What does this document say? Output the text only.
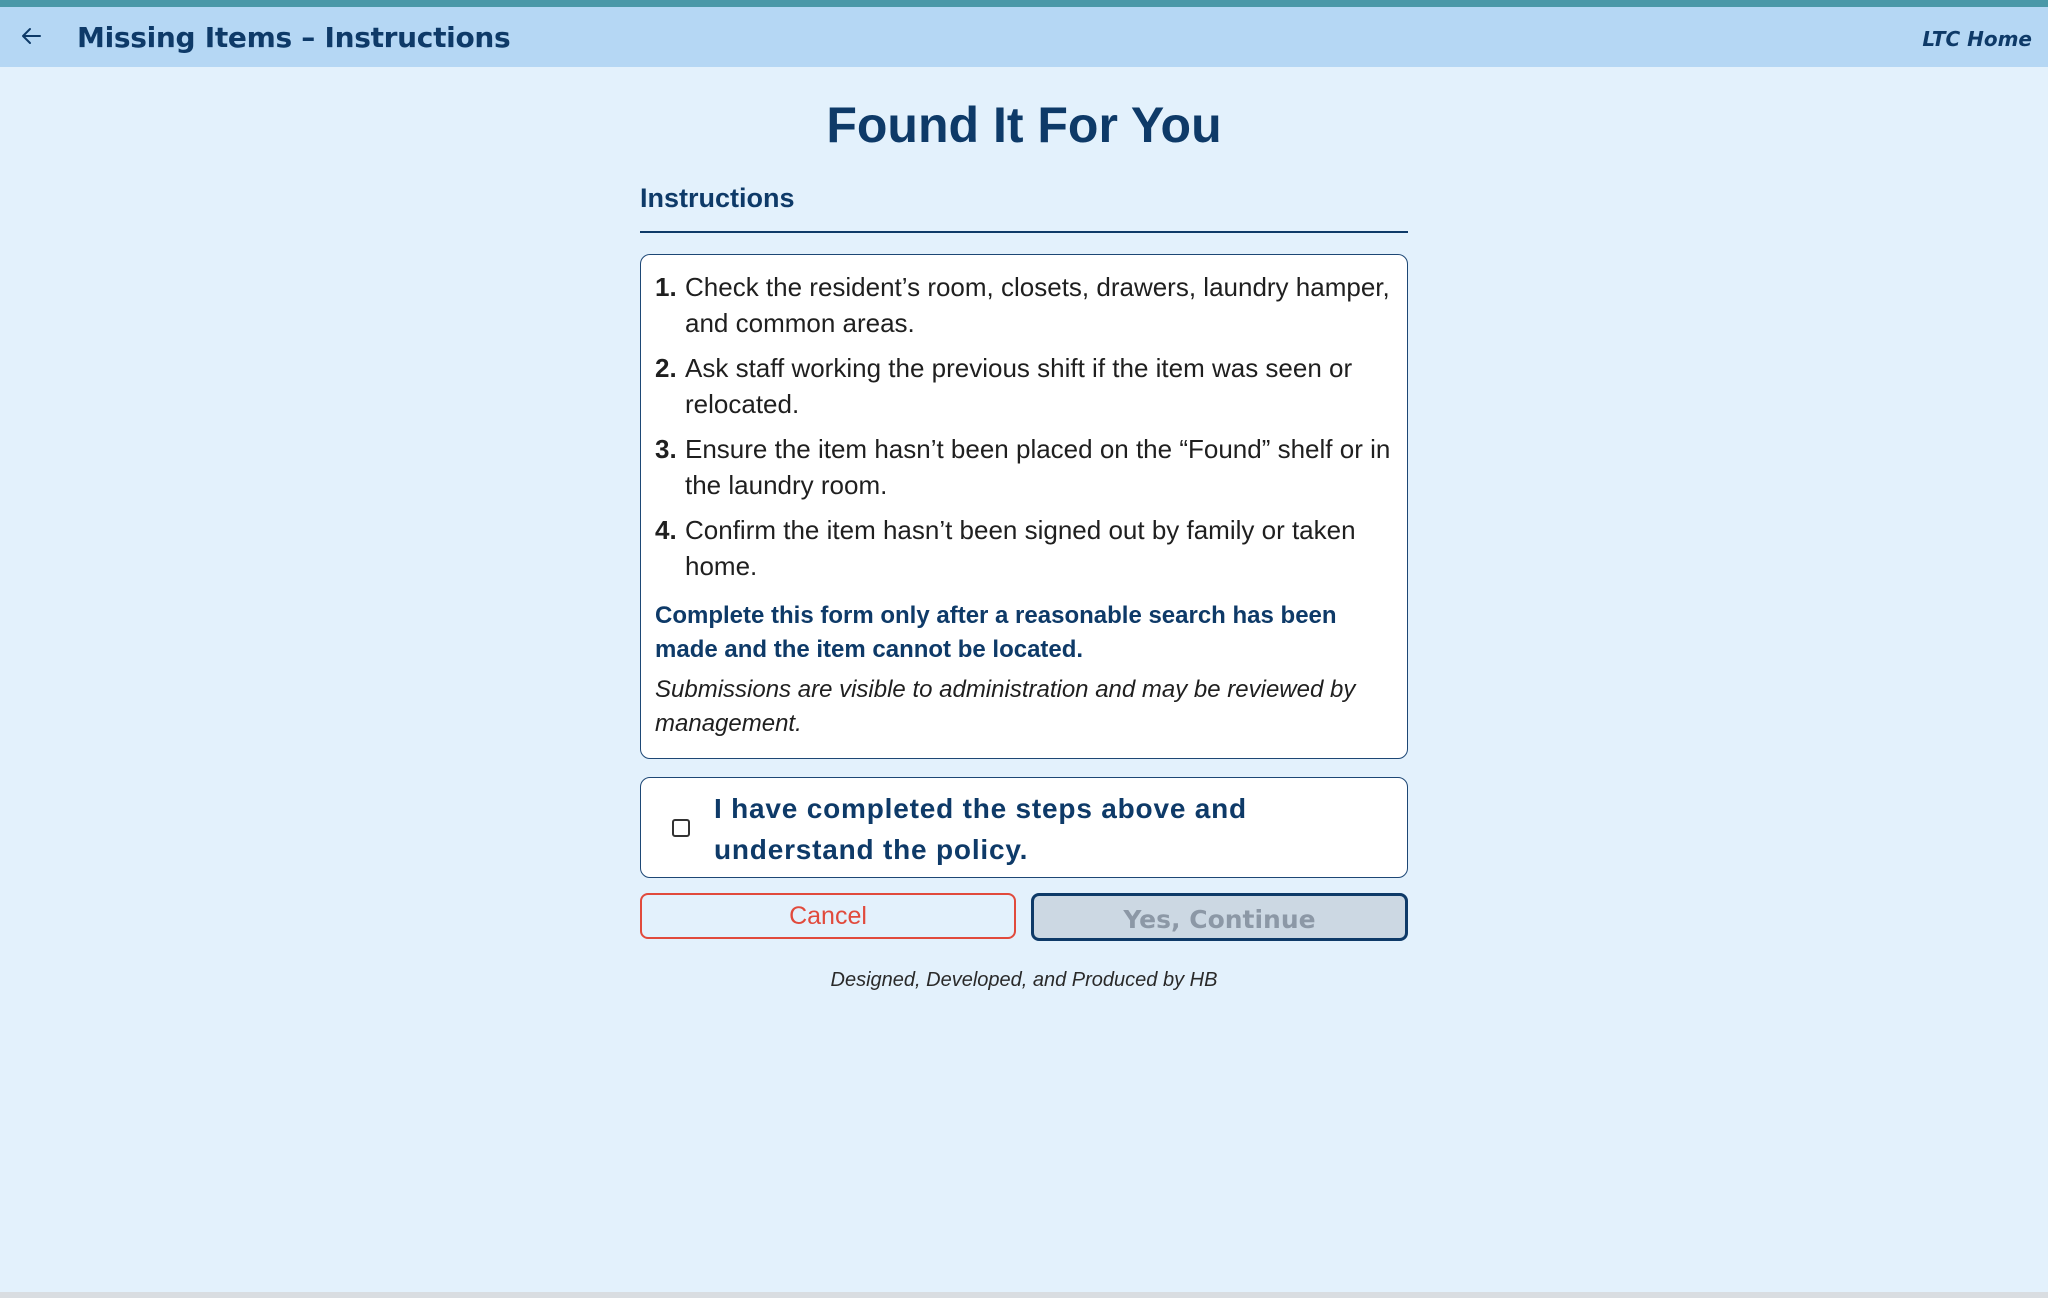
Missing Items – Instructions	LTC Home
Found It For You
Instructions
1. Check the resident’s room, closets, drawers, laundry hamper, and common areas.
2. Ask staff working the previous shift if the item was seen or relocated.
3. Ensure the item hasn’t been placed on the “Found” shelf or in the laundry room.
4. Confirm the item hasn’t been signed out by family or taken home.

Complete this form only after a reasonable search has been made and the item cannot be located.

Submissions are visible to administration and may be reviewed by management.

I have completed the steps above and understand the policy.
Cancel	Yes, Continue
Designed, Developed, and Produced by HB
